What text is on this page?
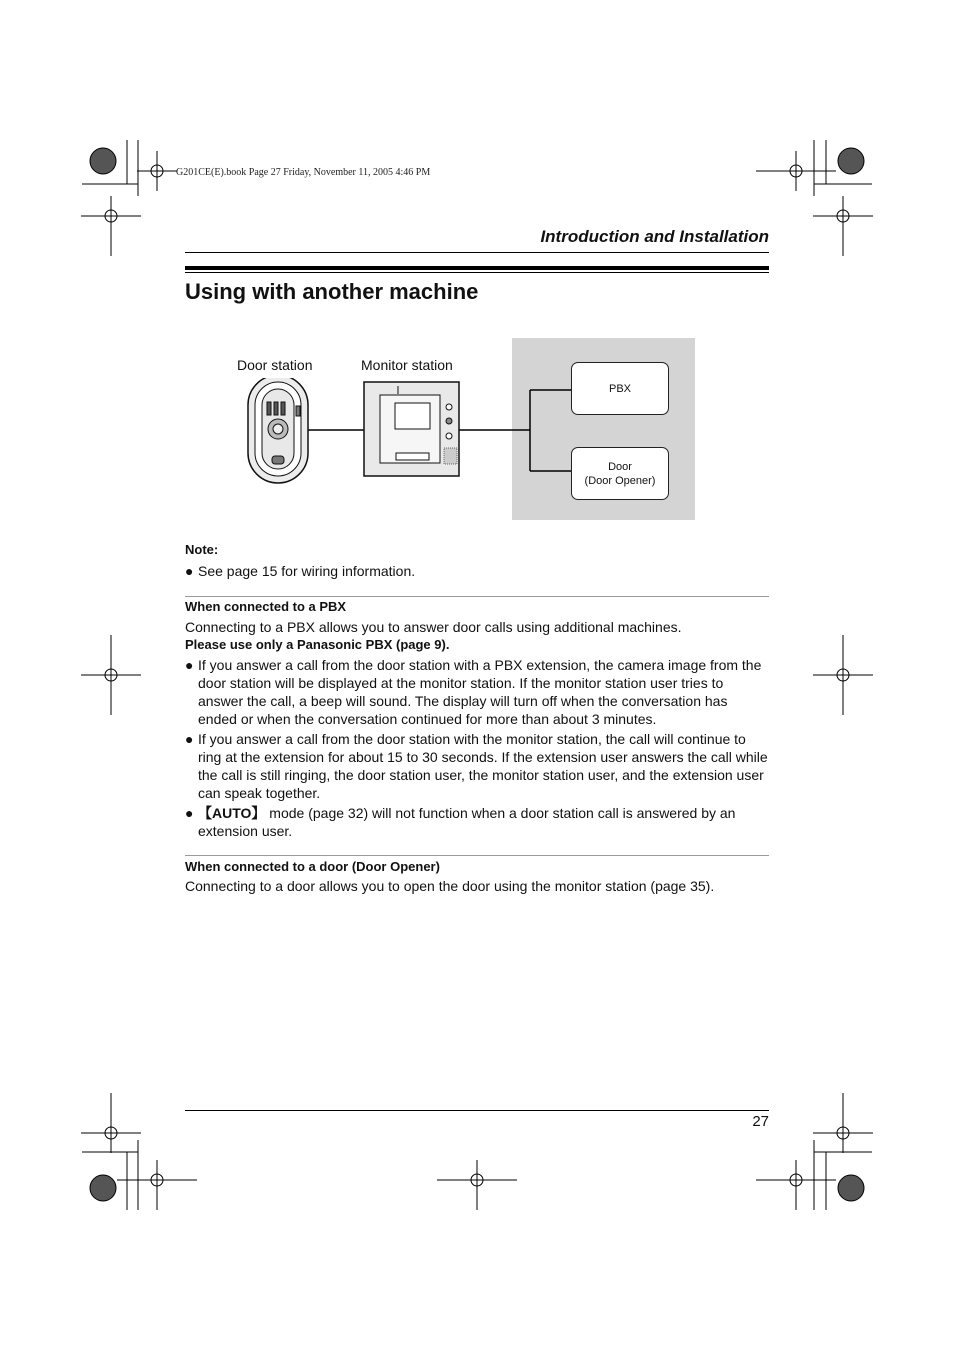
G201CE(E).book Page 27 Friday, November 11, 2005 4:46 PM
Introduction and Installation
Using with another machine
Door station	Monitor station
PBX
Door
(Door Opener)
Note:
● See page 15 for wiring information.
When connected to a PBX
Connecting to a PBX allows you to answer door calls using additional machines.
Please use only a Panasonic PBX (page 9).
● If you answer a call from the door station with a PBX extension, the camera image from the door station will be displayed at the monitor station. If the monitor station user tries to answer the call, a beep will sound. The display will turn off when the conversation has ended or when the conversation continued for more than about 3 minutes.
● If you answer a call from the door station with the monitor station, the call will continue to ring at the extension for about 15 to 30 seconds. If the extension user answers the call while the call is still ringing, the door station user, the monitor station user, and the extension user can speak together.
● 【AUTO】 mode (page 32) will not function when a door station call is answered by an extension user.
When connected to a door (Door Opener)
Connecting to a door allows you to open the door using the monitor station (page 35).
27
